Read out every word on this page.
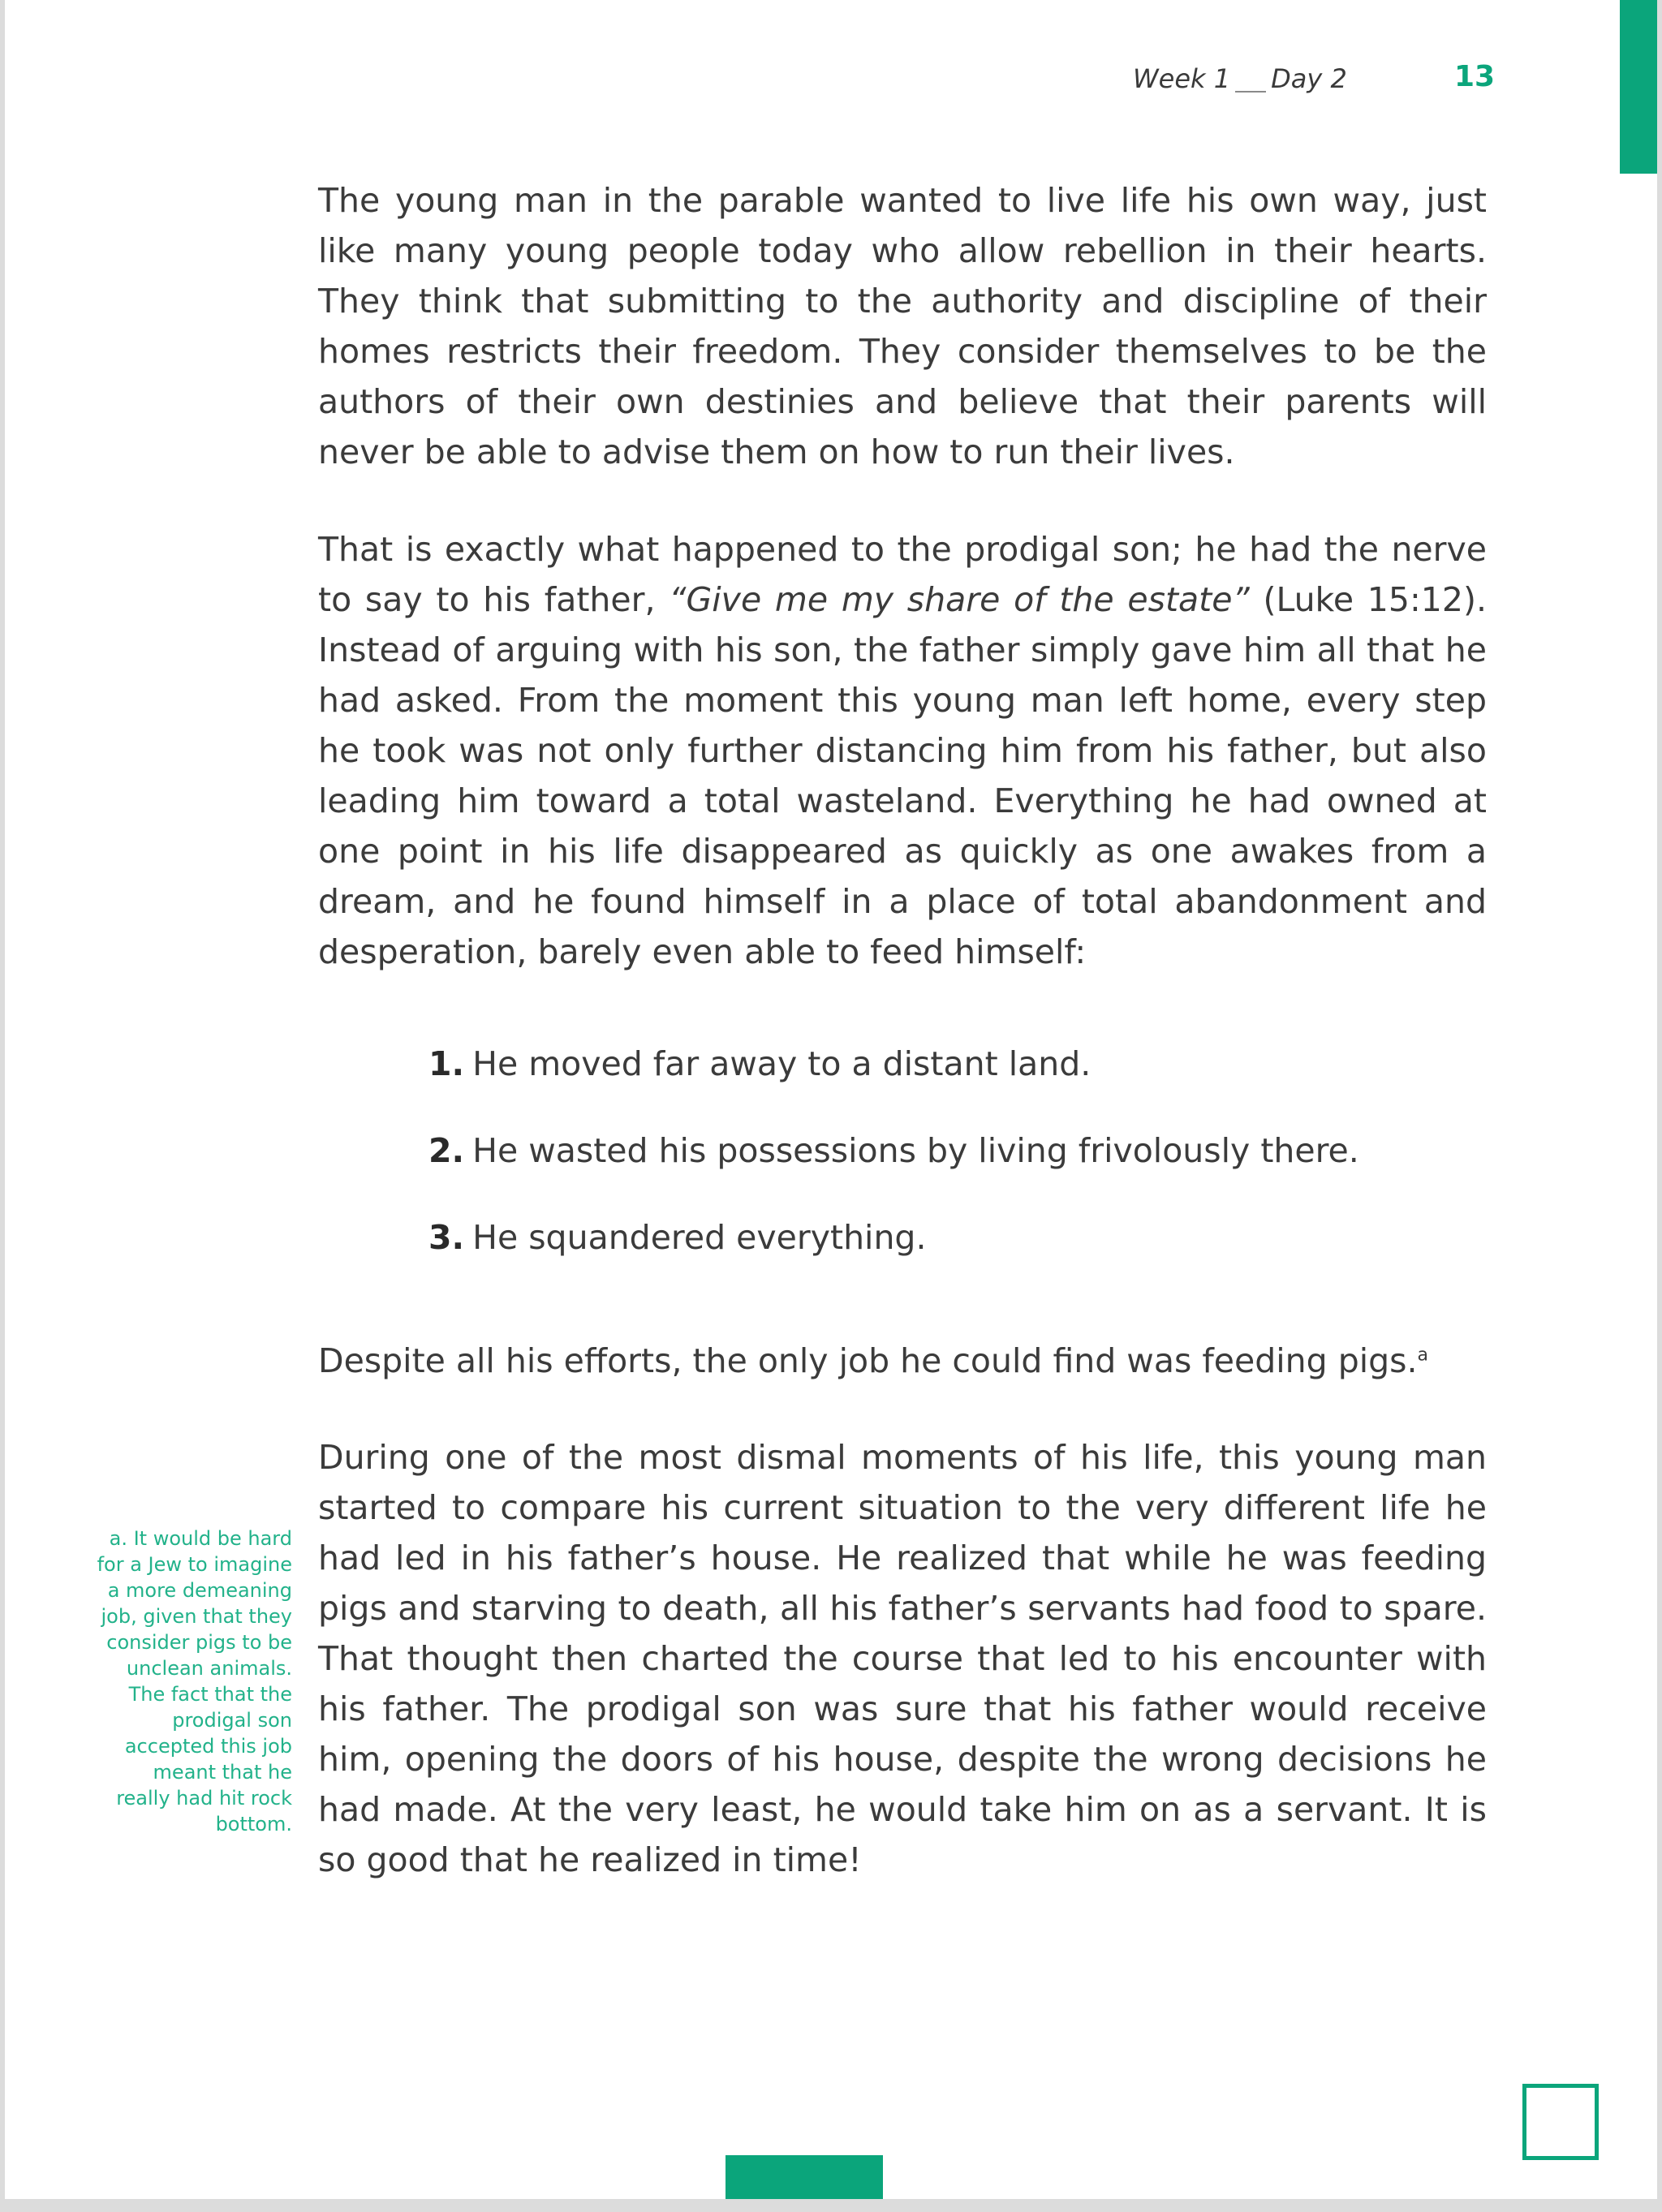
Week 1 Day 2	13

The young man in the parable wanted to live life his own way, just like many young people today who allow rebellion in their hearts. They think that submitting to the authority and discipline of their homes restricts their freedom. They consider themselves to be the authors of their own destinies and believe that their parents will never be able to advise them on how to run their lives.

That is exactly what happened to the prodigal son; he had the nerve to say to his father, “Give me my share of the estate” (Luke 15:12). Instead of arguing with his son, the father simply gave him all that he had asked. From the moment this young man left home, every step he took was not only further distancing him from his father, but also leading him toward a total wasteland. Everything he had owned at one point in his life disappeared as quickly as one awakes from a dream, and he found himself in a place of total abandonment and desperation, barely even able to feed himself:

1. He moved far away to a distant land.
2. He wasted his possessions by living frivolously there.
3. He squandered everything.

Despite all his efforts, the only job he could find was feeding pigs.$^a$

During one of the most dismal moments of his life, this young man started to compare his current situation to the very different life he had led in his father’s house. He realized that while he was feeding pigs and starving to death, all his father’s servants had food to spare. That thought then charted the course that led to his encounter with his father. The prodigal son was sure that his father would receive him, opening the doors of his house, despite the wrong decisions he had made. At the very least, he would take him on as a servant. It is so good that he realized in time!

a. It would be hard for a Jew to imagine a more demeaning job, given that they consider pigs to be unclean animals. The fact that the prodigal son accepted this job meant that he really had hit rock bottom.
